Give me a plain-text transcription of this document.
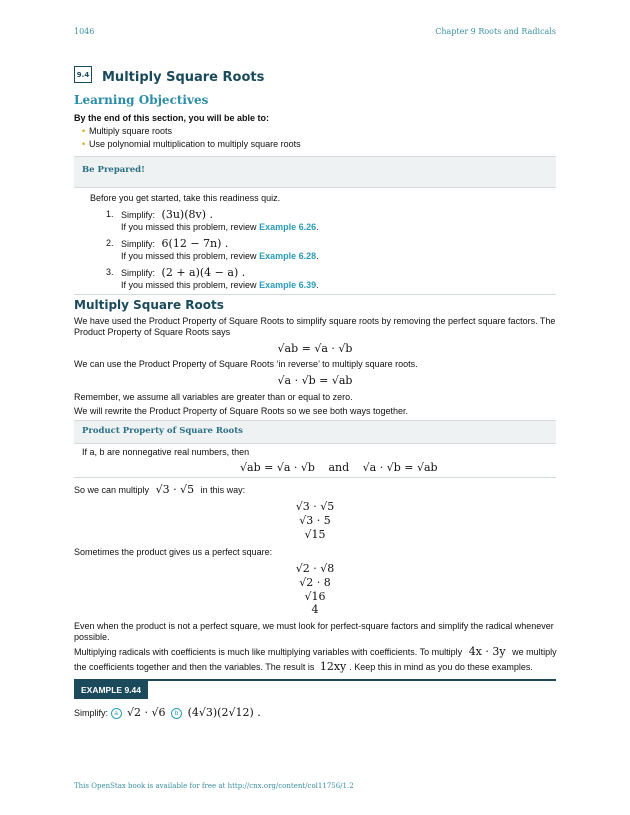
1046	Chapter 9 Roots and Radicals
9.4 Multiply Square Roots
Learning Objectives
By the end of this section, you will be able to:
• Multiply square roots
• Use polynomial multiplication to multiply square roots
Be Prepared!
Before you get started, take this readiness quiz.
1. Simplify: (3u)(8v) .
If you missed this problem, review Example 6.26.
2. Simplify: 6(12 − 7n) .
If you missed this problem, review Example 6.28.
3. Simplify: (2 + a)(4 − a) .
If you missed this problem, review Example 6.39.
Multiply Square Roots
We have used the Product Property of Square Roots to simplify square roots by removing the perfect square factors. The
Product Property of Square Roots says
√ab = √a · √b
We can use the Product Property of Square Roots ‘in reverse’ to multiply square roots.
√a · √b = √ab
Remember, we assume all variables are greater than or equal to zero.
We will rewrite the Product Property of Square Roots so we see both ways together.
Product Property of Square Roots
If a, b are nonnegative real numbers, then
√ab = √a · √b and √a · √b = √ab
So we can multiply √3 · √5 in this way:
√3 · √5
√3 · 5
√15
Sometimes the product gives us a perfect square:
√2 · √8
√2 · 8
√16
4
Even when the product is not a perfect square, we must look for perfect-square factors and simplify the radical whenever
possible.
Multiplying radicals with coefficients is much like multiplying variables with coefficients. To multiply 4x · 3y we multiply
the coefficients together and then the variables. The result is 12xy . Keep this in mind as you do these examples.
EXAMPLE 9.44
Simplify: a √2 · √6 b (4√3)(2√12) .
This OpenStax book is available for free at http://cnx.org/content/col11756/1.2
